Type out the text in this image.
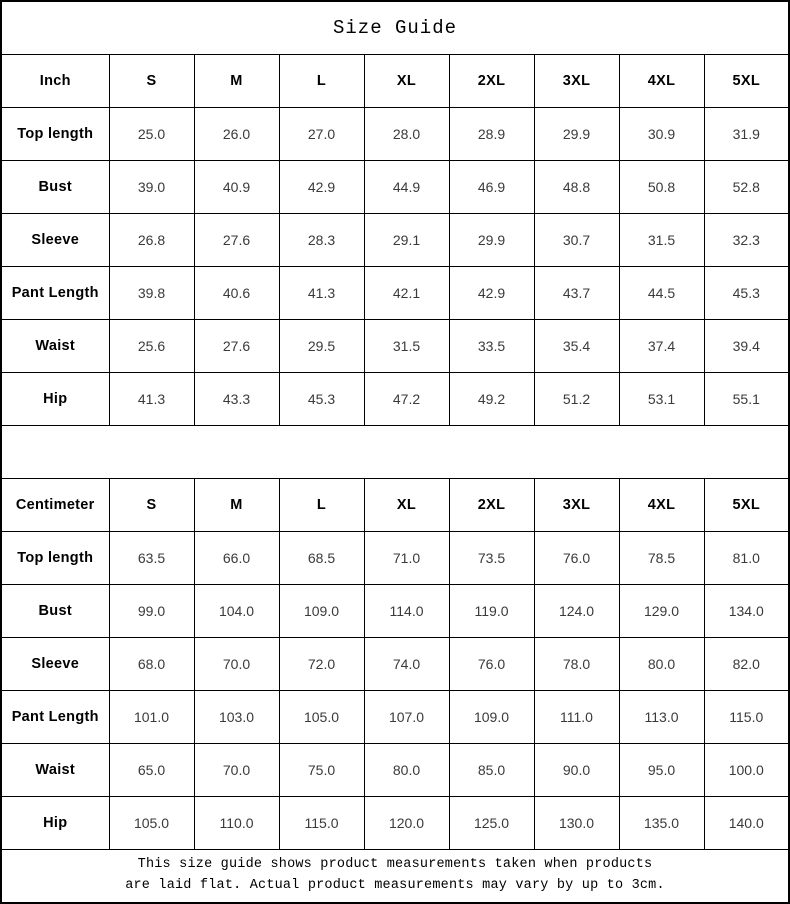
Size Guide								
Inch	S	M	L	XL	2XL	3XL	4XL	5XL
Top length	25.0	26.0	27.0	28.0	28.9	29.9	30.9	31.9
Bust	39.0	40.9	42.9	44.9	46.9	48.8	50.8	52.8
Sleeve	26.8	27.6	28.3	29.1	29.9	30.7	31.5	32.3
Pant Length	39.8	40.6	41.3	42.1	42.9	43.7	44.5	45.3
Waist	25.6	27.6	29.5	31.5	33.5	35.4	37.4	39.4
Hip	41.3	43.3	45.3	47.2	49.2	51.2	53.1	55.1

Centimeter	S	M	L	XL	2XL	3XL	4XL	5XL
Top length	63.5	66.0	68.5	71.0	73.5	76.0	78.5	81.0
Bust	99.0	104.0	109.0	114.0	119.0	124.0	129.0	134.0
Sleeve	68.0	70.0	72.0	74.0	76.0	78.0	80.0	82.0
Pant Length	101.0	103.0	105.0	107.0	109.0	111.0	113.0	115.0
Waist	65.0	70.0	75.0	80.0	85.0	90.0	95.0	100.0
Hip	105.0	110.0	115.0	120.0	125.0	130.0	135.0	140.0

This size guide shows product measurements taken when products
are laid flat. Actual product measurements may vary by up to 3cm.								
